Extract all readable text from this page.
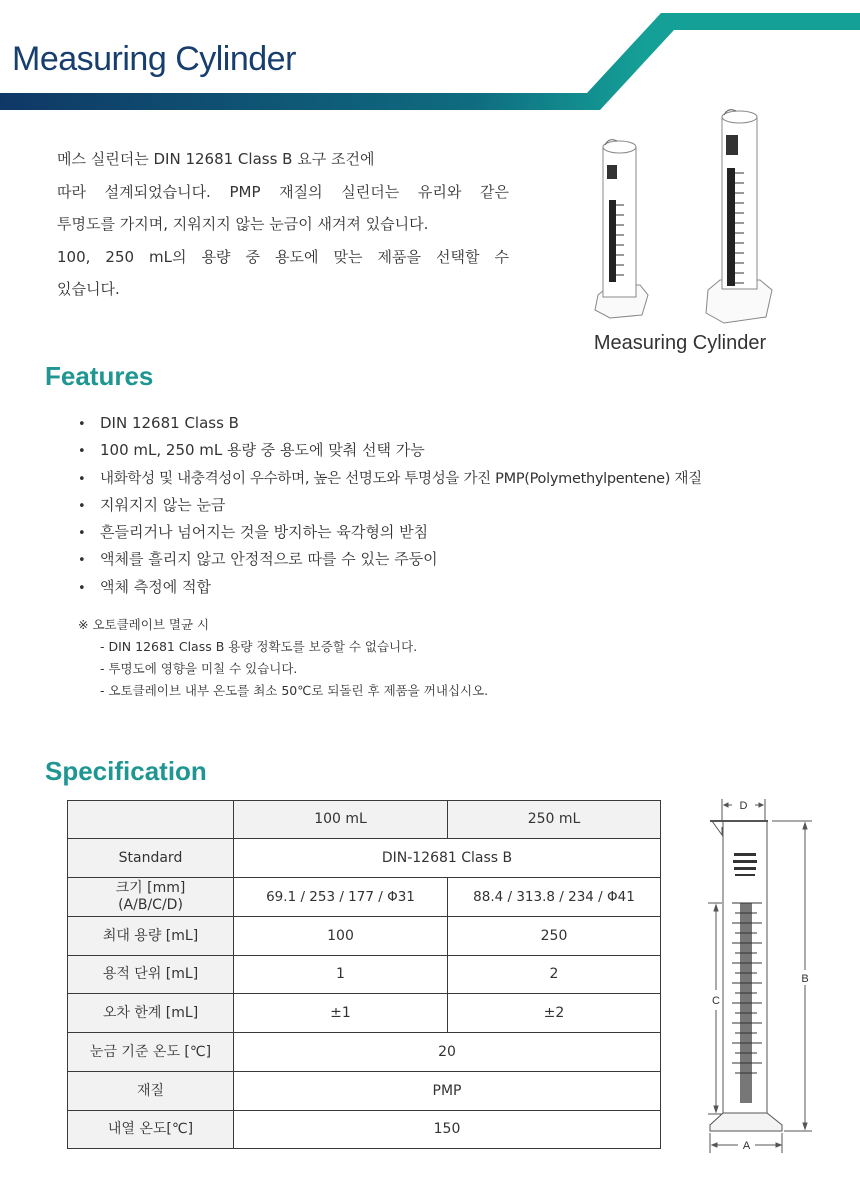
Measuring Cylinder

메스 실린더는 DIN 12681 Class B 요구 조건에

따라 설계되었습니다. PMP 재질의 실린더는 유리와 같은

투명도를 가지며, 지워지지 않는 눈금이 새겨져 있습니다.

100, 250 mL의 용량 중 용도에 맞는 제품을 선택할 수

있습니다.

Measuring Cylinder
Features
• DIN 12681 Class B
• 100 mL, 250 mL 용량 중 용도에 맞춰 선택 가능
• 내화학성 및 내충격성이 우수하며, 높은 선명도와 투명성을 가진 PMP(Polymethylpentene) 재질
• 지워지지 않는 눈금
• 흔들리거나 넘어지는 것을 방지하는 육각형의 받침
• 액체를 흘리지 않고 안정적으로 따를 수 있는 주둥이
• 액체 측정에 적합
※ 오토클레이브 멸균 시
- DIN 12681 Class B 용량 정확도를 보증할 수 없습니다.
- 투명도에 영향을 미칠 수 있습니다.
- 오토클레이브 내부 온도를 최소 50℃로 되돌린 후 제품을 꺼내십시오.
Specification
	100 mL	250 mL
Standard	DIN-12681 Class B	

크기 [mm]
(A/B/C/D)	69.1 / 253 / 177 / Φ31	88.4 / 313.8 / 234 / Φ41
최대 용량 [mL]	100	250
용적 단위 [mL]	1	2
오차 한계 [mL]	±1	±2
눈금 기준 온도 [℃]	20	
재질	PMP	
내열 온도[℃]	150	
D
B
C
A
